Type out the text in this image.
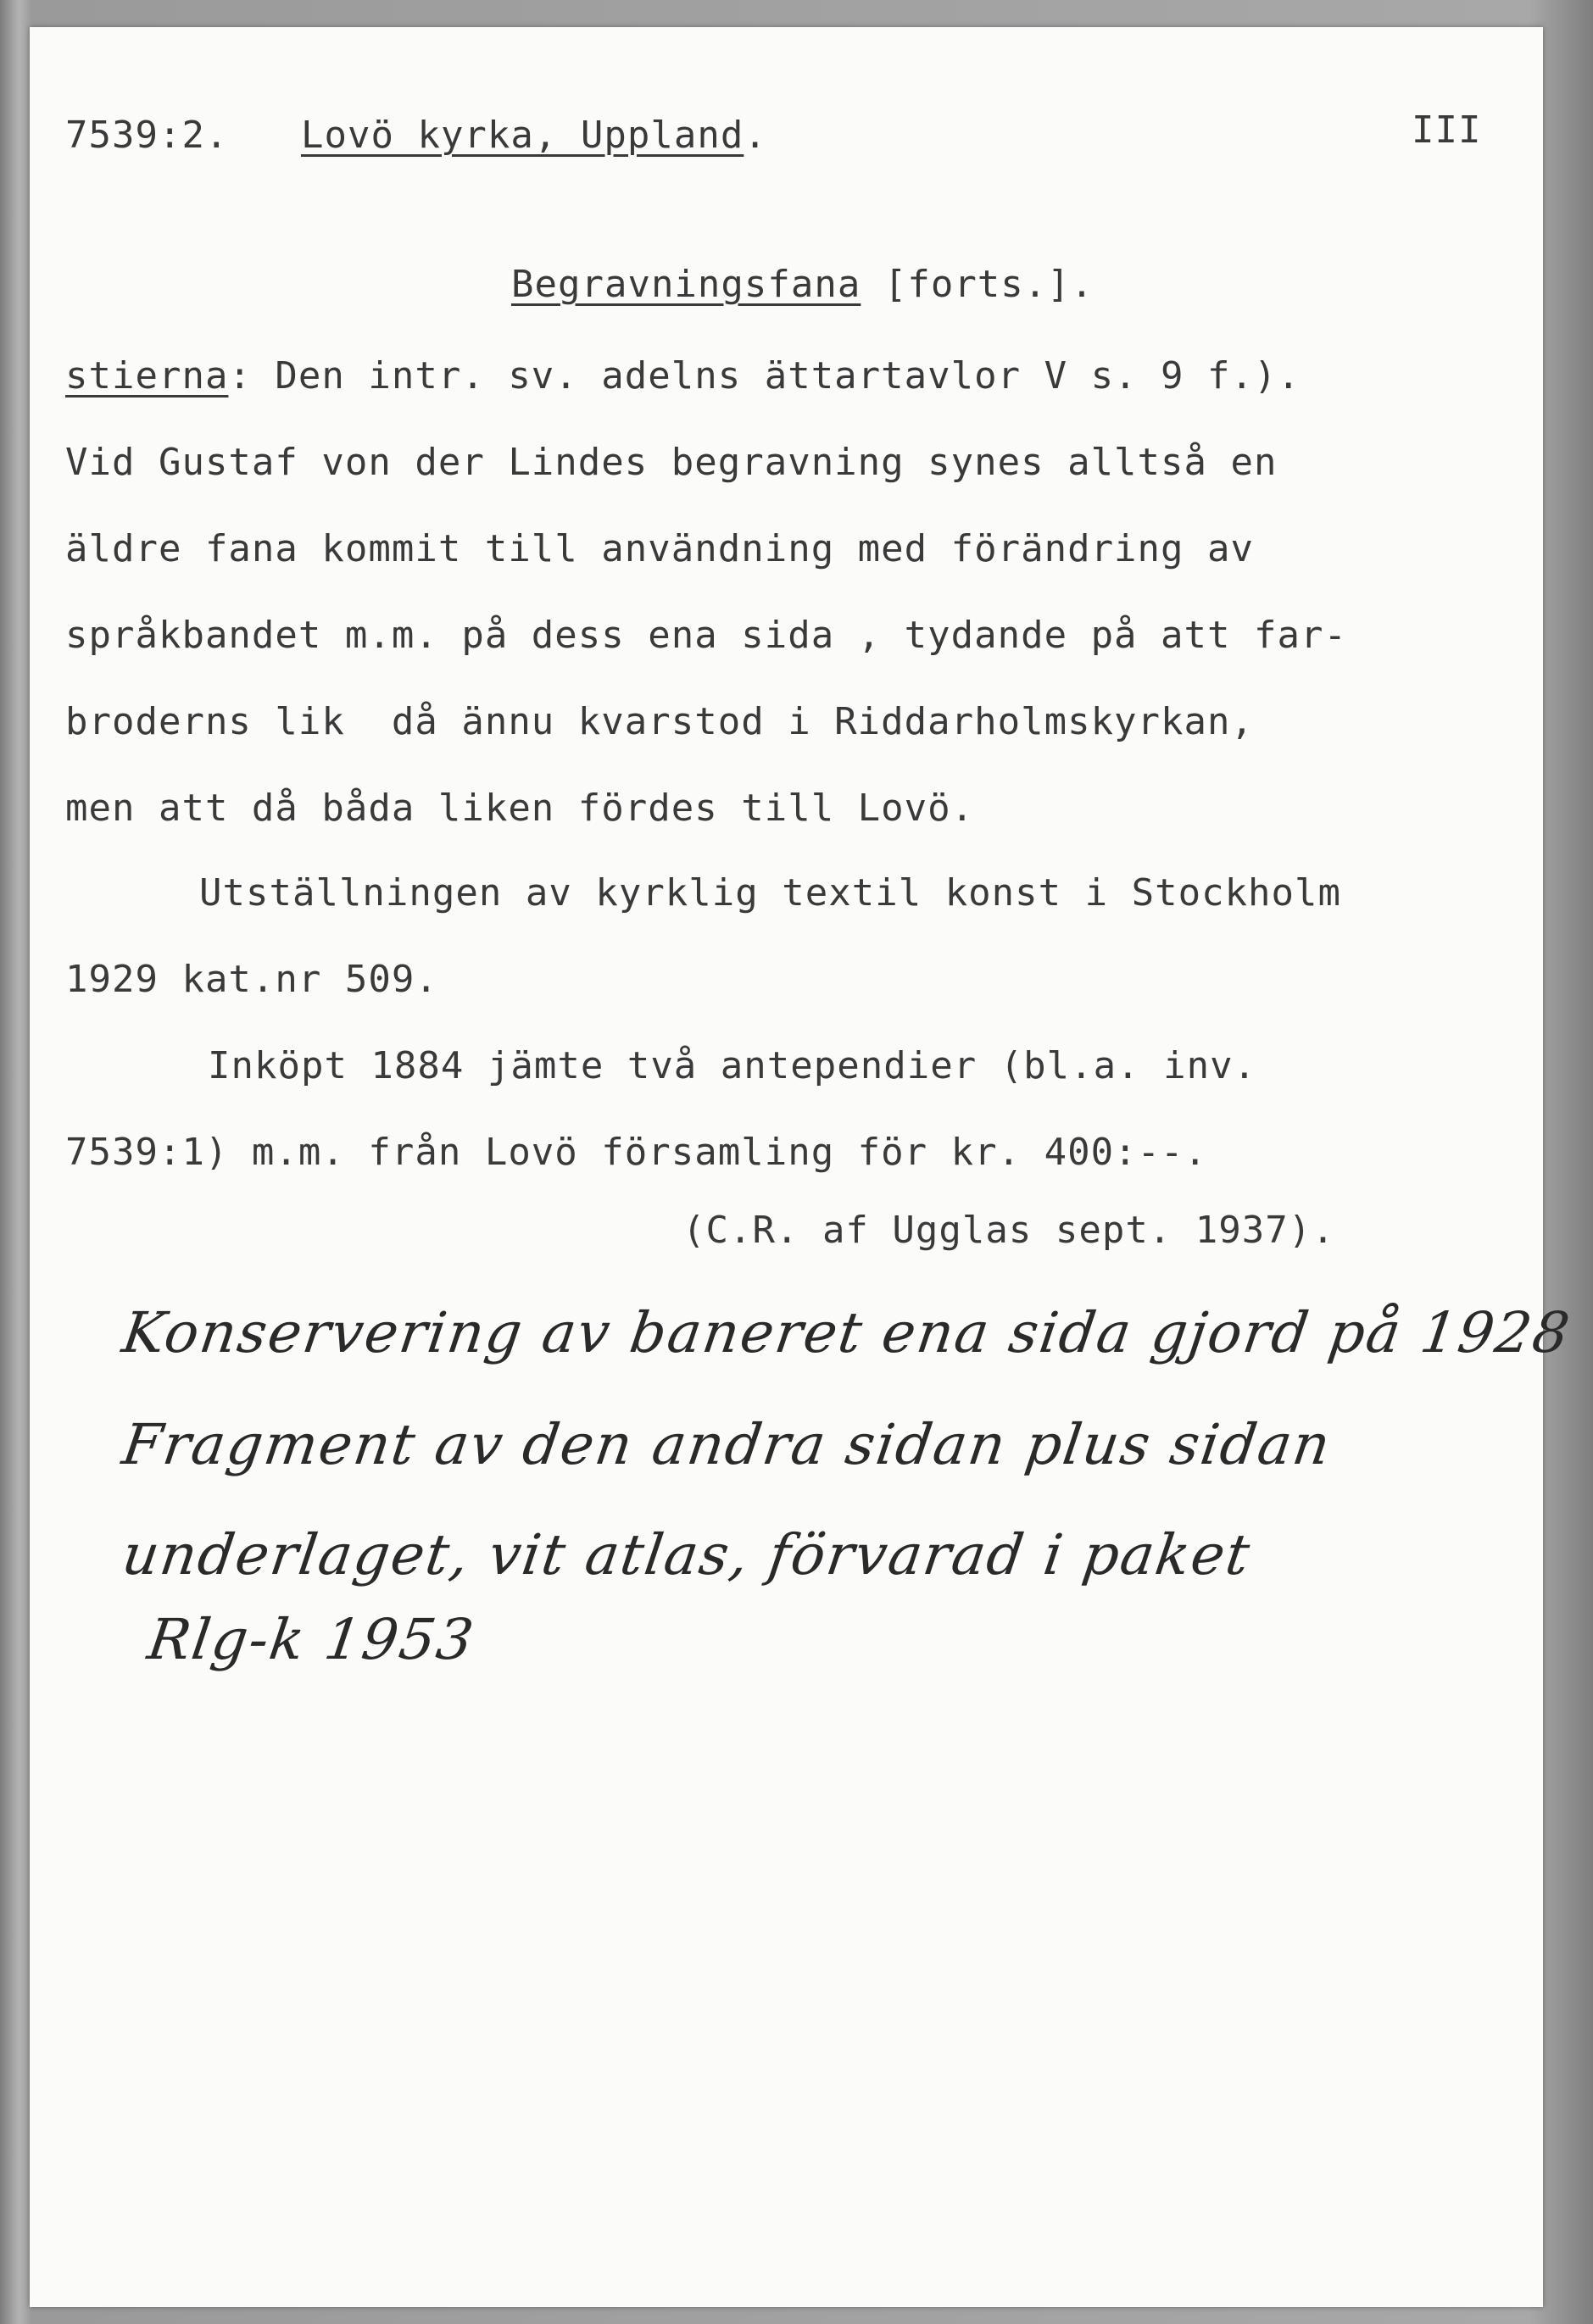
7539:2. Lovö kyrka, Uppland.	III
Begravningsfana [forts.].
stierna: Den intr. sv. adelns ättartavlor V s. 9 f.).
Vid Gustaf von der Lindes begravning synes alltså en
äldre fana kommit till användning med förändring av
språkbandet m.m. på dess ena sida , tydande på att far-
broderns lik  då ännu kvarstod i Riddarholmskyrkan,
men att då båda liken fördes till Lovö.
Utställningen av kyrklig textil konst i Stockholm
1929 kat.nr 509.
Inköpt 1884 jämte två antependier (bl.a. inv.
7539:1) m.m. från Lovö församling för kr. 400:--.
(C.R. af Ugglas sept. 1937).
Konservering av baneret ena sida gjord på 1928
Fragment av den andra sidan plus sidan
underlaget, vit atlas, förvarad i paket
Rlg-k 1953
